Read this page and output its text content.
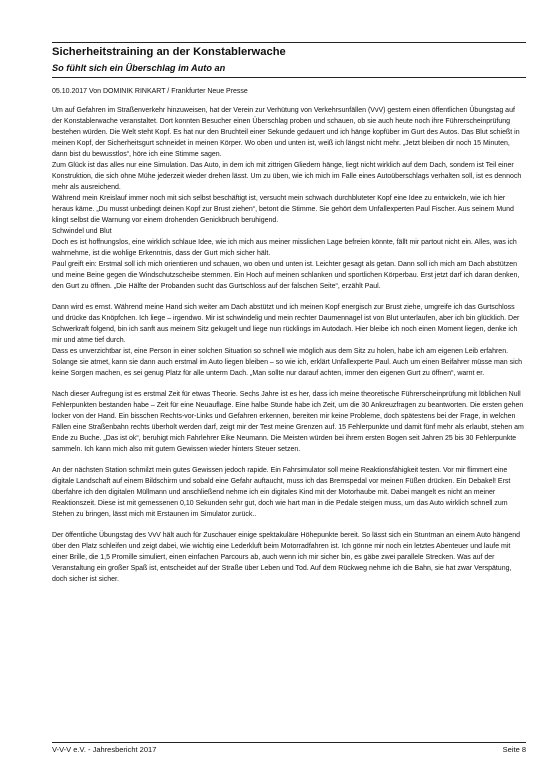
Sicherheitstraining an der Konstablerwache
So fühlt sich ein Überschlag im Auto an

05.10.2017 Von DOMINIK RINKART / Frankfurter Neue Presse

Um auf Gefahren im Straßenverkehr hinzuweisen, hat der Verein zur Verhütung von Verkehrsunfällen (VvV) gestern einen öffentlichen Übungstag auf der Konstablerwache veranstaltet. Dort konnten Besucher einen Überschlag proben und schauen, ob sie auch heute noch ihre Führerscheinprüfung bestehen würden. Die Welt steht Kopf. Es hat nur den Bruchteil einer Sekunde gedauert und ich hänge kopfüber im Gurt des Autos. Das Blut schießt in meinen Kopf, der Sicherheitsgurt schneidet in meinen Körper. Wo oben und unten ist, weiß ich längst nicht mehr. „Jetzt bleiben dir noch 15 Minuten, dann bist du bewusstlos“, höre ich eine Stimme sagen.

Zum Glück ist das alles nur eine Simulation. Das Auto, in dem ich mit zittrigen Gliedern hänge, liegt nicht wirklich auf dem Dach, sondern ist Teil einer Konstruktion, die sich ohne Mühe jederzeit wieder drehen lässt. Um zu üben, wie ich mich im Falle eines Autoüberschlags verhalten soll, ist es dennoch mehr als ausreichend.

Während mein Kreislauf immer noch mit sich selbst beschäftigt ist, versucht mein schwach durchbluteter Kopf eine Idee zu entwickeln, wie ich hier heraus käme. „Du musst unbedingt deinen Kopf zur Brust ziehen“, betont die Stimme. Sie gehört dem Unfallexperten Paul Fischer. Aus seinem Mund klingt selbst die Warnung vor einem drohenden Genickbruch beruhigend.

Schwindel und Blut

Doch es ist hoffnungslos, eine wirklich schlaue Idee, wie ich mich aus meiner misslichen Lage befreien könnte, fällt mir partout nicht ein. Alles, was ich wahrnehme, ist die wohlige Erkenntnis, dass der Gurt mich sicher hält.

Paul greift ein: Erstmal soll ich mich orientieren und schauen, wo oben und unten ist. Leichter gesagt als getan. Dann soll ich mich am Dach abstützen und meine Beine gegen die Windschutzscheibe stemmen. Ein Hoch auf meinen schlanken und sportlichen Körperbau. Erst jetzt darf ich daran denken, den Gurt zu öffnen. „Die Hälfte der Probanden sucht das Gurtschloss auf der falschen Seite“, erzählt Paul.

Dann wird es ernst. Während meine Hand sich weiter am Dach abstützt und ich meinen Kopf energisch zur Brust ziehe, umgreife ich das Gurtschloss und drücke das Knöpfchen. Ich liege – irgendwo. Mir ist schwindelig und mein rechter Daumennagel ist von Blut unterlaufen, aber ich bin glücklich. Der Schwerkraft folgend, bin ich sanft aus meinem Sitz gekugelt und liege nun rücklings im Autodach. Hier bleibe ich noch einen Moment liegen, denke ich mir und atme tief durch.

Dass es unverzichtbar ist, eine Person in einer solchen Situation so schnell wie möglich aus dem Sitz zu holen, habe ich am eigenen Leib erfahren. Solange sie atmet, kann sie dann auch erstmal im Auto liegen bleiben – so wie ich, erklärt Unfallexperte Paul. Auch um einen Beifahrer müsse man sich keine Sorgen machen, es sei genug Platz für alle unterm Dach. „Man sollte nur darauf achten, immer den eigenen Gurt zu öffnen“, warnt er.

Nach dieser Aufregung ist es erstmal Zeit für etwas Theorie. Sechs Jahre ist es her, dass ich meine theoretische Führerscheinprüfung mit löblichen Null Fehlerpunkten bestanden habe – Zeit für eine Neuauflage. Eine halbe Stunde habe ich Zeit, um die 30 Ankreuzfragen zu beantworten. Die ersten gehen locker von der Hand. Ein bisschen Rechts-vor-Links und Gefahren erkennen, bereiten mir keine Probleme, doch spätestens bei der Frage, in welchen Fällen eine Straßenbahn rechts überholt werden darf, zeigt mir der Test meine Grenzen auf. 15 Fehlerpunkte und damit fünf mehr als erlaubt, stehen am Ende zu Buche. „Das ist ok“, beruhigt mich Fahrlehrer Eike Neumann. Die Meisten würden bei ihrem ersten Bogen seit Jahren 25 bis 30 Fehlerpunkte sammeln. Ich kann mich also mit gutem Gewissen wieder hinters Steuer setzen.

An der nächsten Station schmilzt mein gutes Gewissen jedoch rapide. Ein Fahrsimulator soll meine Reaktionsfähigkeit testen. Vor mir flimmert eine digitale Landschaft auf einem Bildschirm und sobald eine Gefahr auftaucht, muss ich das Bremspedal vor meinen Füßen drücken. Ein Debakel! Erst überfahre ich den digitalen Müllmann und anschließend nehme ich ein digitales Kind mit der Motorhaube mit. Dabei mangelt es nicht an meiner Reaktionszeit. Diese ist mit gemessenen 0,10 Sekunden sehr gut, doch wie hart man in die Pedale steigen muss, um das Auto wirklich schnell zum Stehen zu bringen, lässt mich mit Erstaunen im Simulator zurück..

Der öffentliche Übungstag des VvV hält auch für Zuschauer einige spektakuläre Höhepunkte bereit. So lässt sich ein Stuntman an einem Auto hängend über den Platz schleifen und zeigt dabei, wie wichtig eine Lederkluft beim Motorradfahren ist. Ich gönne mir noch ein letztes Abenteuer und laufe mit einer Brille, die 1,5 Promille simuliert, einen einfachen Parcours ab, auch wenn ich mir sicher bin, es gäbe zwei parallele Strecken. Was auf der Veranstaltung ein großer Spaß ist, entscheidet auf der Straße über Leben und Tod. Auf dem Rückweg nehme ich die Bahn, sie hat zwar Verspätung, doch sicher ist sicher.

V-V-V e.V. - Jahresbericht 2017	Seite 8
